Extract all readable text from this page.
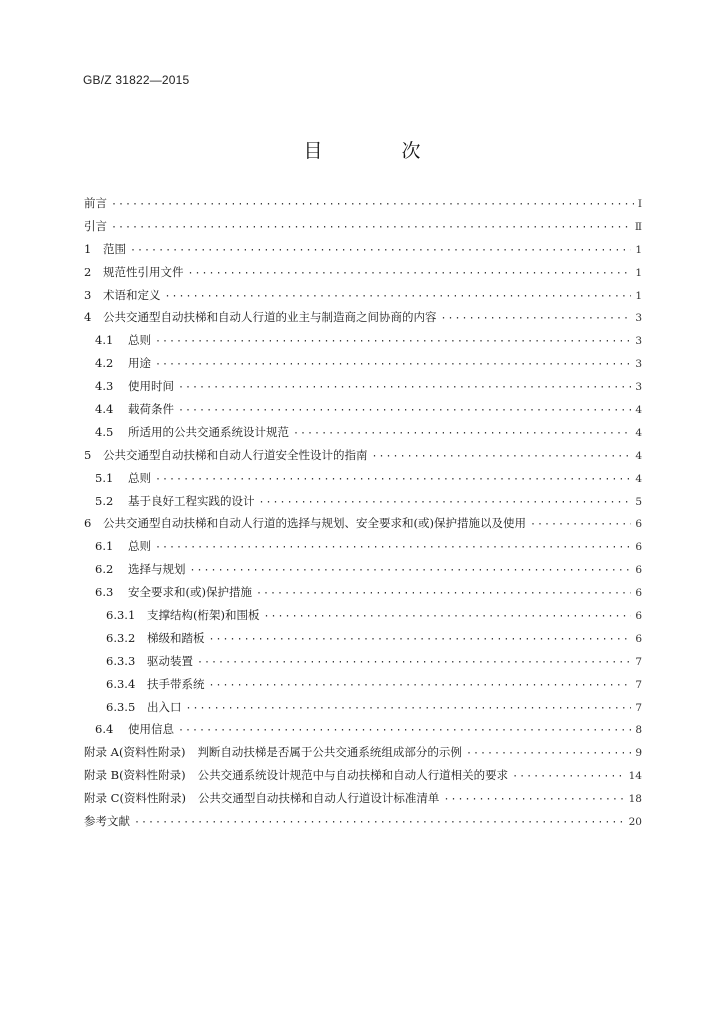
GB/Z 31822—2015
目　次
前言 ·····	Ⅰ
引言 ·····	Ⅱ
1 范围 ·····	1
2 规范性引用文件 ·····	1
3 术语和定义 ·····	1
4 公共交通型自动扶梯和自动人行道的业主与制造商之间协商的内容 ·····	3
4.1 总则 ·····	3
4.2 用途 ·····	3
4.3 使用时间 ·····	3
4.4 载荷条件 ·····	4
4.5 所适用的公共交通系统设计规范 ·····	4
5 公共交通型自动扶梯和自动人行道安全性设计的指南 ·····	4
5.1 总则 ·····	4
5.2 基于良好工程实践的设计 ·····	5
6 公共交通型自动扶梯和自动人行道的选择与规划、安全要求和(或)保护措施以及使用 ·····	6
6.1 总则 ·····	6
6.2 选择与规划 ·····	6
6.3 安全要求和(或)保护措施 ·····	6
6.3.1 支撑结构(桁架)和围板 ·····	6
6.3.2 梯级和踏板 ·····	6
6.3.3 驱动装置 ·····	7
6.3.4 扶手带系统 ·····	7
6.3.5 出入口 ·····	7
6.4 使用信息 ·····	8
附录 A(资料性附录) 判断自动扶梯是否属于公共交通系统组成部分的示例 ·····	9
附录 B(资料性附录) 公共交通系统设计规范中与自动扶梯和自动人行道相关的要求 ·····	14
附录 C(资料性附录) 公共交通型自动扶梯和自动人行道设计标准清单 ·····	18
参考文献 ·····	20
